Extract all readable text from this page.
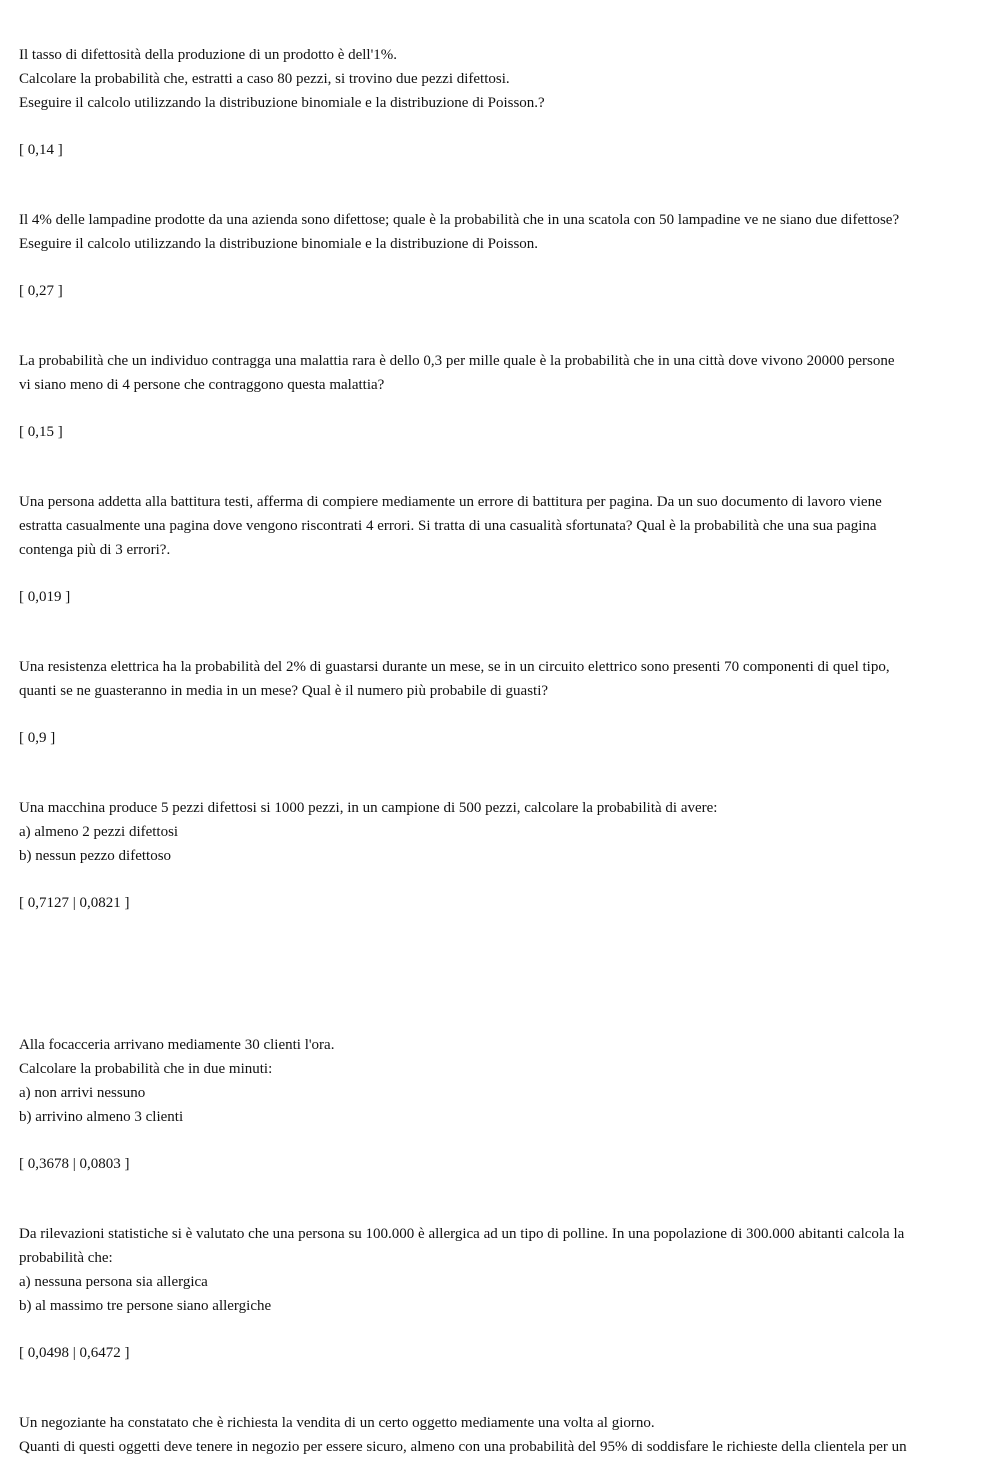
Il tasso di difettosità della produzione di un prodotto è dell'1%.
Calcolare la probabilità che, estratti a caso 80 pezzi, si trovino due pezzi difettosi.
Eseguire il calcolo utilizzando la distribuzione binomiale e la distribuzione di Poisson.?
[ 0,14 ]
Il 4% delle lampadine prodotte da una azienda sono difettose; quale è la probabilità che in una scatola con 50 lampadine ve ne siano due difettose?
Eseguire il calcolo utilizzando la distribuzione binomiale e la distribuzione di Poisson.
[ 0,27 ]
La probabilità che un individuo contragga una malattia rara è dello 0,3 per mille quale è la probabilità che in una città dove vivono 20000 persone
vi siano meno di 4 persone che contraggono questa malattia?
[ 0,15 ]
Una persona addetta alla battitura testi, afferma di compiere mediamente un errore di battitura per pagina. Da un suo documento di lavoro viene
estratta casualmente una pagina dove vengono riscontrati 4 errori. Si tratta di una casualità sfortunata? Qual è la probabilità che una sua pagina
contenga più di 3 errori?.
[ 0,019 ]
Una resistenza elettrica ha la probabilità del 2% di guastarsi durante un mese, se in un circuito elettrico sono presenti 70 componenti di quel tipo,
quanti se ne guasteranno in media in un mese? Qual è il numero più probabile di guasti?
[ 0,9 ]
Una macchina produce 5 pezzi difettosi si 1000 pezzi, in un campione di 500 pezzi, calcolare la probabilità di avere:
a) almeno 2 pezzi difettosi
b) nessun pezzo difettoso
[ 0,7127 | 0,0821 ]
Alla focacceria arrivano mediamente 30 clienti l'ora.
Calcolare la probabilità che in due minuti:
a) non arrivi nessuno
b) arrivino almeno 3 clienti
[ 0,3678 | 0,0803 ]
Da rilevazioni statistiche si è valutato che una persona su 100.000 è allergica ad un tipo di polline. In una popolazione di 300.000 abitanti calcola la
probabilità che:
a) nessuna persona sia allergica
b) al massimo tre persone siano allergiche
[ 0,0498 | 0,6472 ]
Un negoziante ha constatato che è richiesta la vendita di un certo oggetto mediamente una volta al giorno.
Quanti di questi oggetti deve tenere in negozio per essere sicuro, almeno con una probabilità del 95% di soddisfare le richieste della clientela per un
